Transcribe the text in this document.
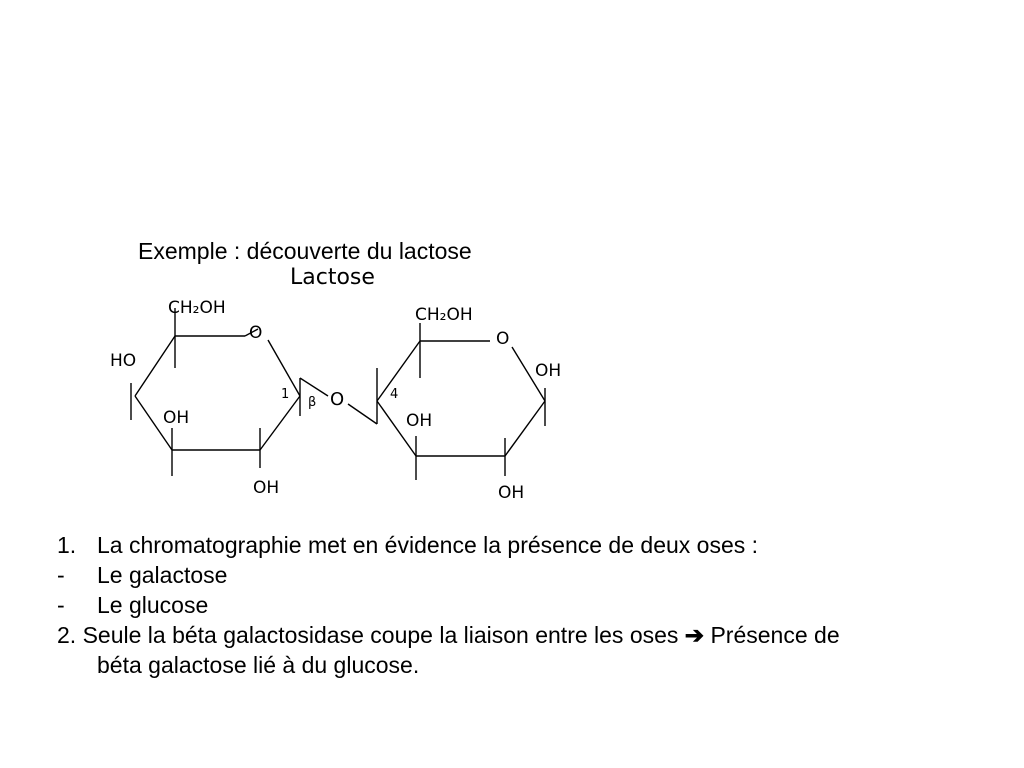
Exemple : découverte du lactose
Lactose
CH₂OH
O
HO
OH
OH
1
β O
CH₂OH
O
OH
4
OH
OH
1. La chromatographie met en évidence la présence de deux oses :
- Le galactose
- Le glucose
2. Seule la béta galactosidase coupe la liaison entre les oses ➔ Présence de
béta galactose lié à du glucose.
